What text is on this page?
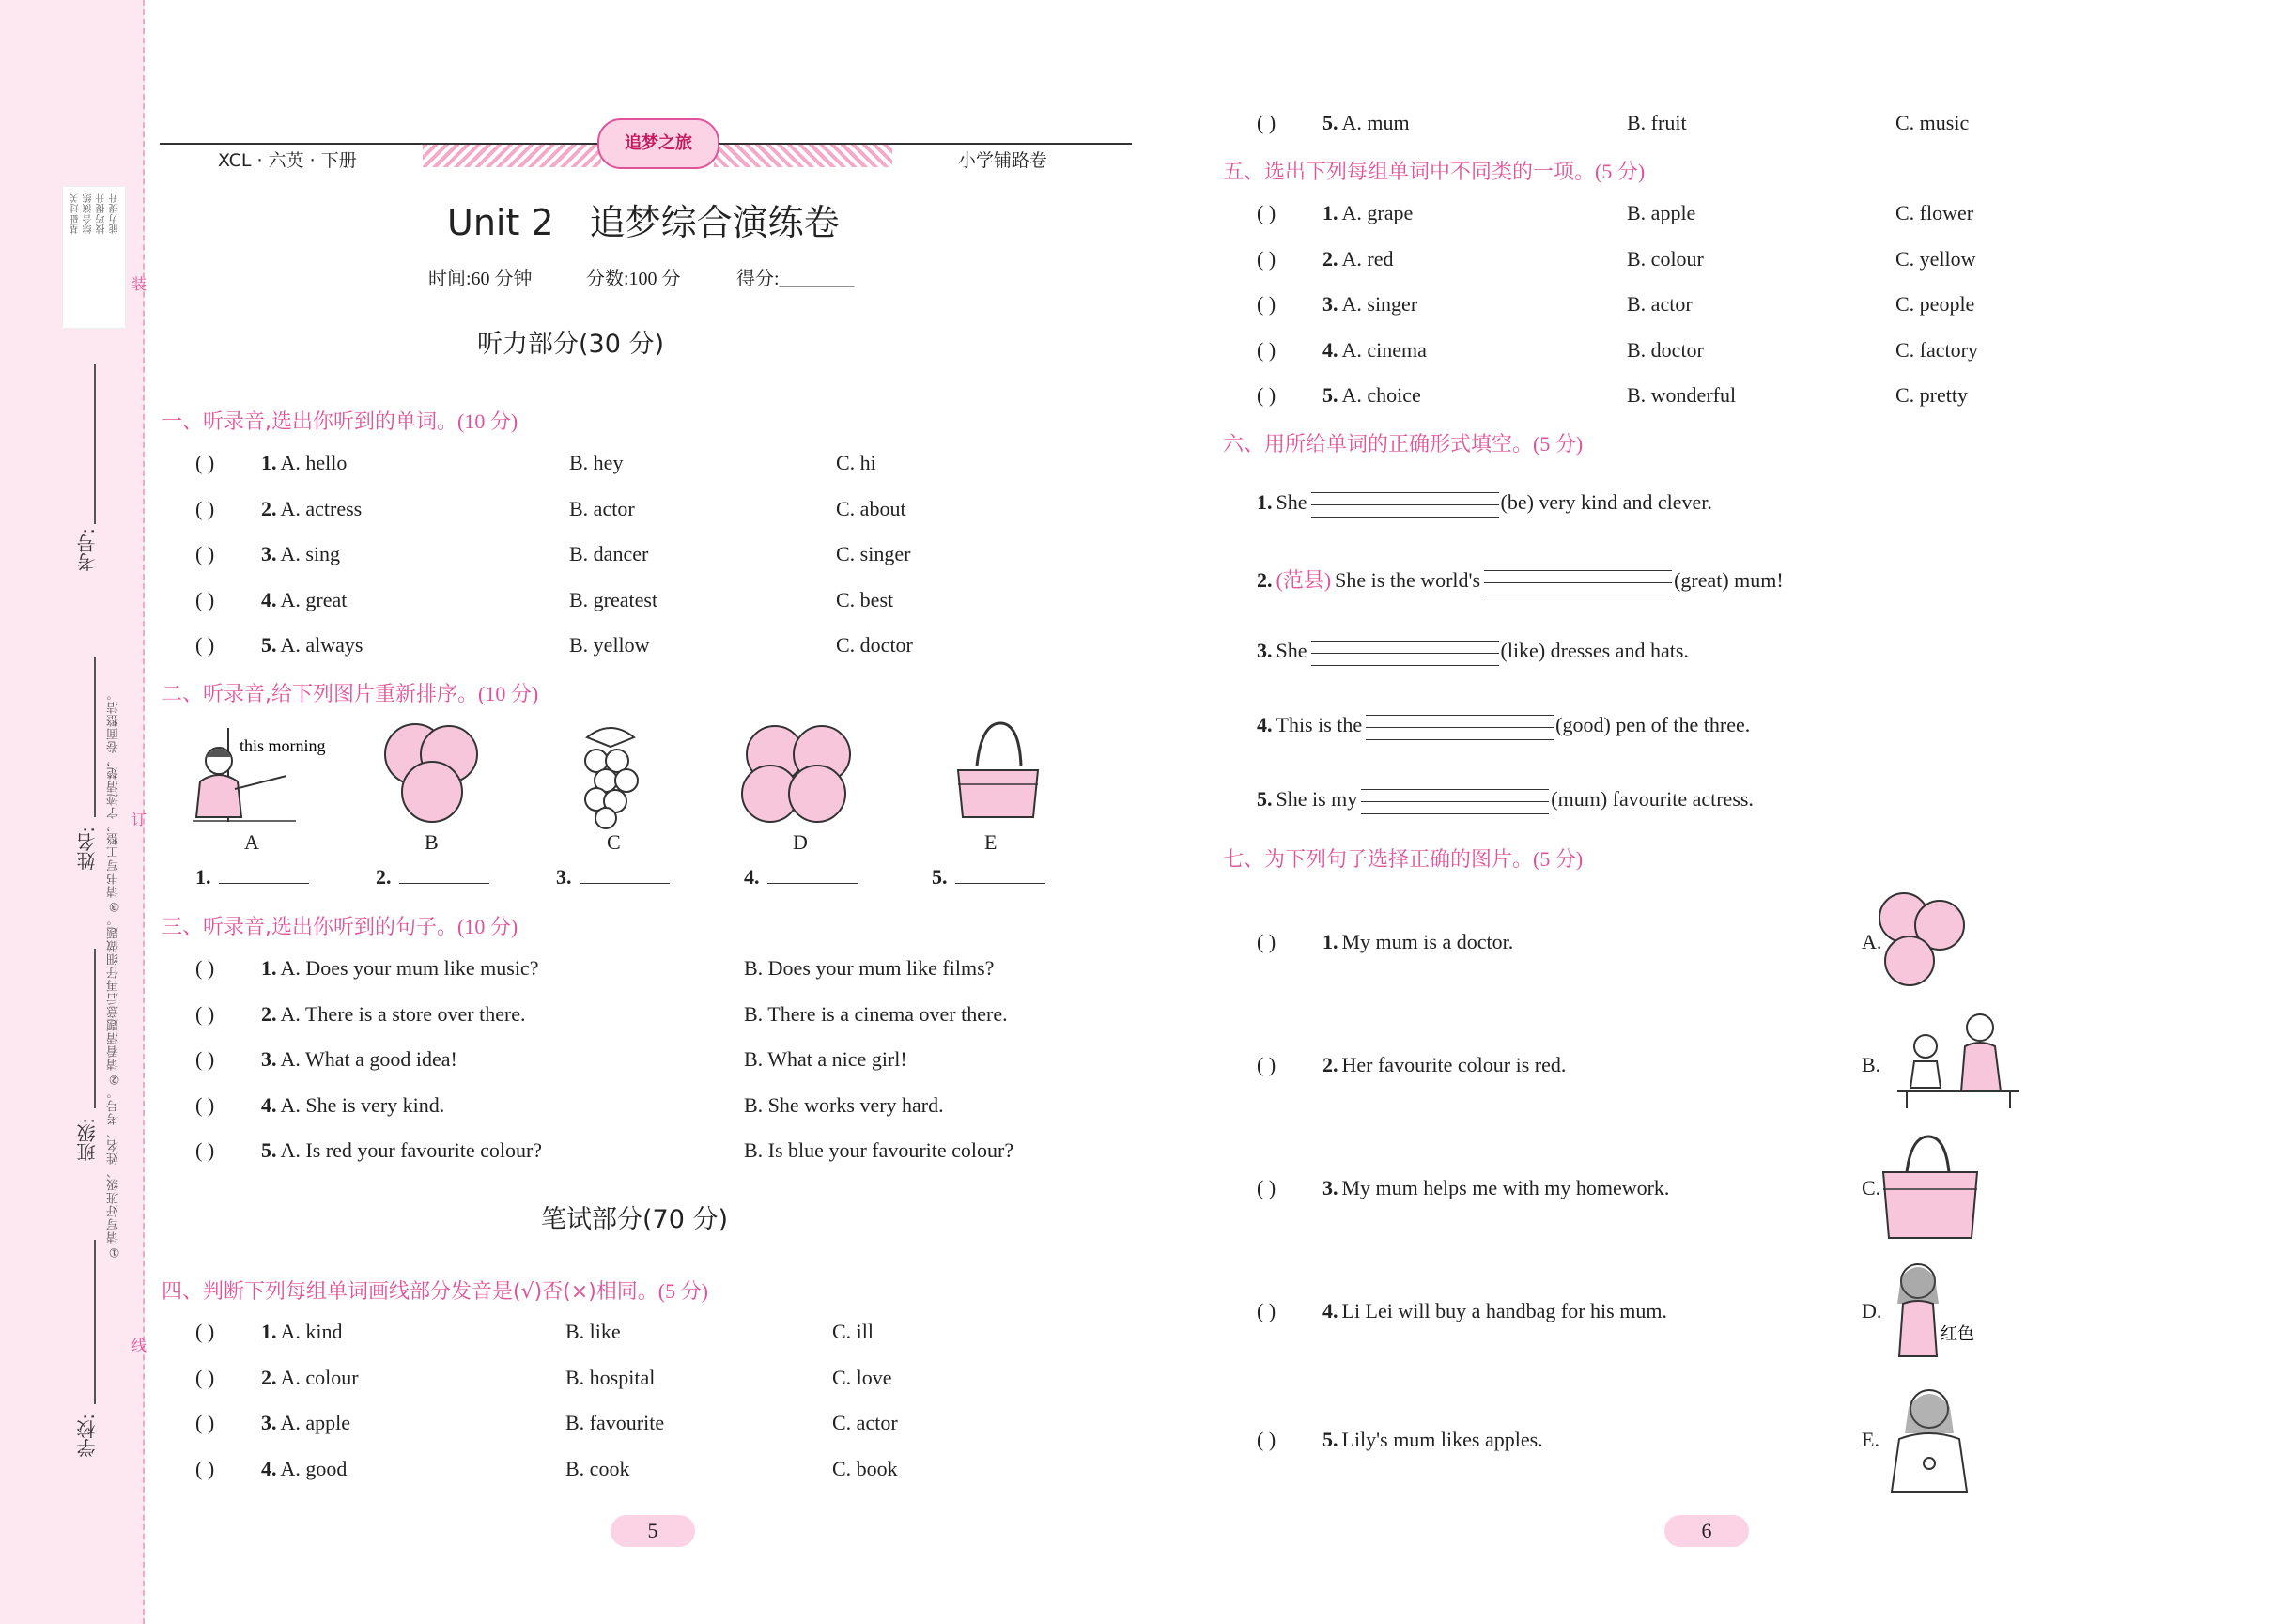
基础过关 综合演练 技巧提升 能力提升
考号:
姓名:
班级:
学校:
①请写好班级、姓名、考号。②请看清题意后再仔细做题。③请书写工整，字迹清楚，卷面整洁。
装
订
线
追梦之旅
XCL · 六英 · 下册	小学铺路卷
Unit 2　追梦综合演练卷
时间:60 分钟	分数:100 分	得分:________
听力部分(30 分)
一、听录音,选出你听到的单词。(10 分)
( ) 1. A. hello	B. hey	C. hi
( ) 2. A. actress	B. actor	C. about
( ) 3. A. sing	B. dancer	C. singer
( ) 4. A. great	B. greatest	C. best
( ) 5. A. always	B. yellow	C. doctor
二、听录音,给下列图片重新排序。(10 分)
this morning
A	B	C	D	E
1.	2.	3.	4.	5.
三、听录音,选出你听到的句子。(10 分)
( ) 1. A. Does your mum like music?	B. Does your mum like films?
( ) 2. A. There is a store over there.	B. There is a cinema over there.
( ) 3. A. What a good idea!	B. What a nice girl!
( ) 4. A. She is very kind.	B. She works very hard.
( ) 5. A. Is red your favourite colour?	B. Is blue your favourite colour?
笔试部分(70 分)
四、判断下列每组单词画线部分发音是(√)否(×)相同。(5 分)
( ) 1. A. kind	B. like	C. ill
( ) 2. A. colour	B. hospital	C. love
( ) 3. A. apple	B. favourite	C. actor
( ) 4. A. good	B. cook	C. book
5
( ) 5. A. mum	B. fruit	C. music
五、选出下列每组单词中不同类的一项。(5 分)
( ) 1. A. grape	B. apple	C. flower
( ) 2. A. red	B. colour	C. yellow
( ) 3. A. singer	B. actor	C. people
( ) 4. A. cinema	B. doctor	C. factory
( ) 5. A. choice	B. wonderful	C. pretty
六、用所给单词的正确形式填空。(5 分)
1. She	(be) very kind and clever.
2. (范县) She is the world's	(great) mum!
3. She	(like) dresses and hats.
4. This is the	(good) pen of the three.
5. She is my	(mum) favourite actress.
七、为下列句子选择正确的图片。(5 分)
( ) 1. My mum is a doctor.	A.
( ) 2. Her favourite colour is red.	B.
( ) 3. My mum helps me with my homework.	C.
( ) 4. Li Lei will buy a handbag for his mum.	D.
( ) 5. Lily's mum likes apples.	E.
红色
6
